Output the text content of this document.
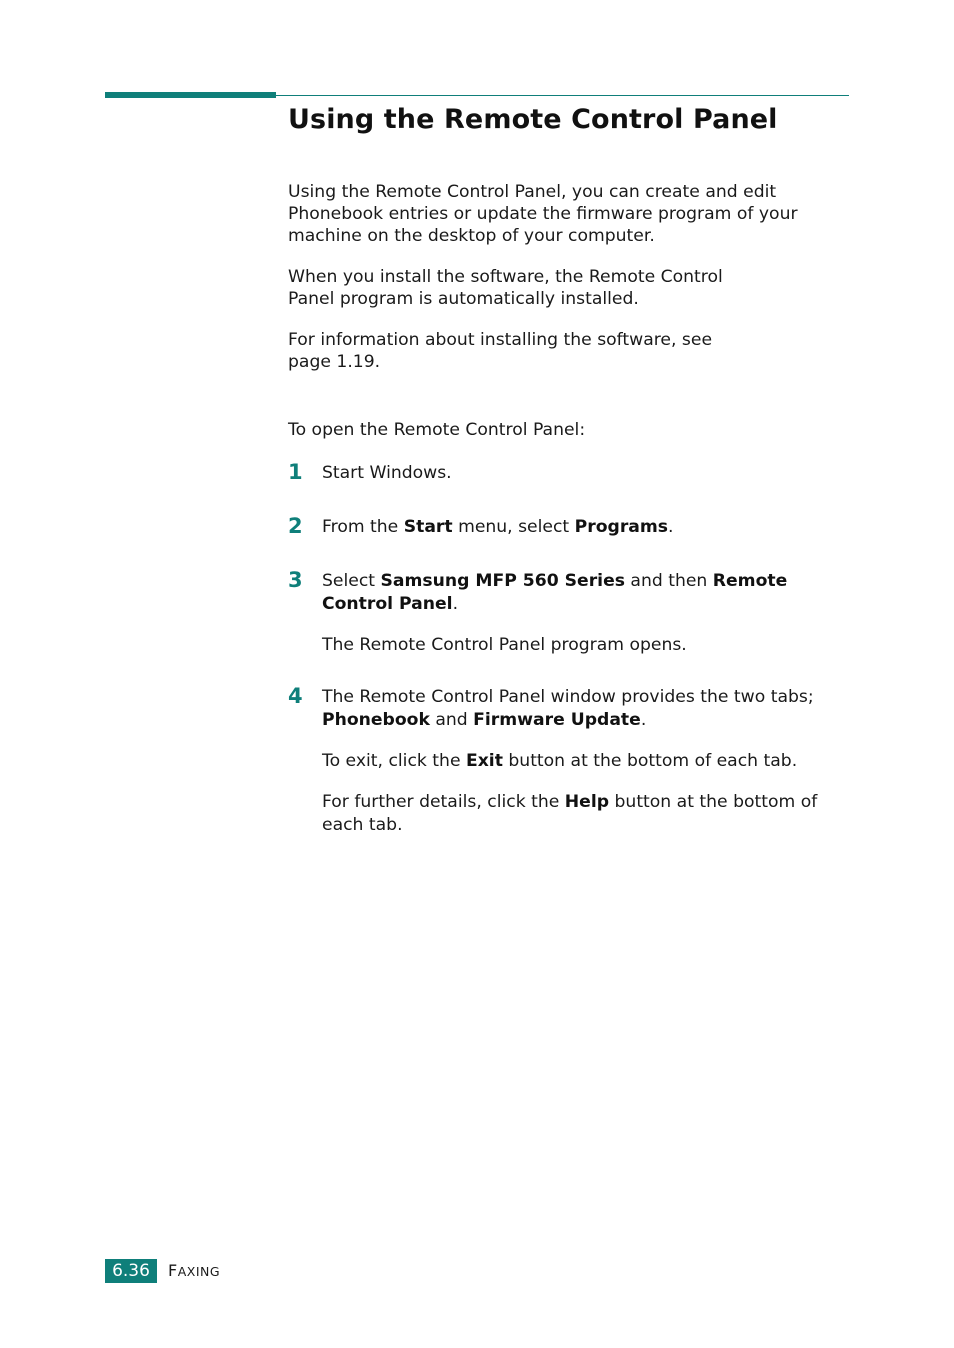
Using the Remote Control Panel

Using the Remote Control Panel, you can create and edit
Phonebook entries or update the firmware program of your
machine on the desktop of your computer.

When you install the software, the Remote Control
Panel program is automatically installed.

For information about installing the software, see
page 1.19.

To open the Remote Control Panel:

1 Start Windows.

2 From the Start menu, select Programs.

3 Select Samsung MFP 560 Series and then Remote
Control Panel.

The Remote Control Panel program opens.

4 The Remote Control Panel window provides the two tabs;
Phonebook and Firmware Update.

To exit, click the Exit button at the bottom of each tab.

For further details, click the Help button at the bottom of
each tab.

6.36	FAXING
